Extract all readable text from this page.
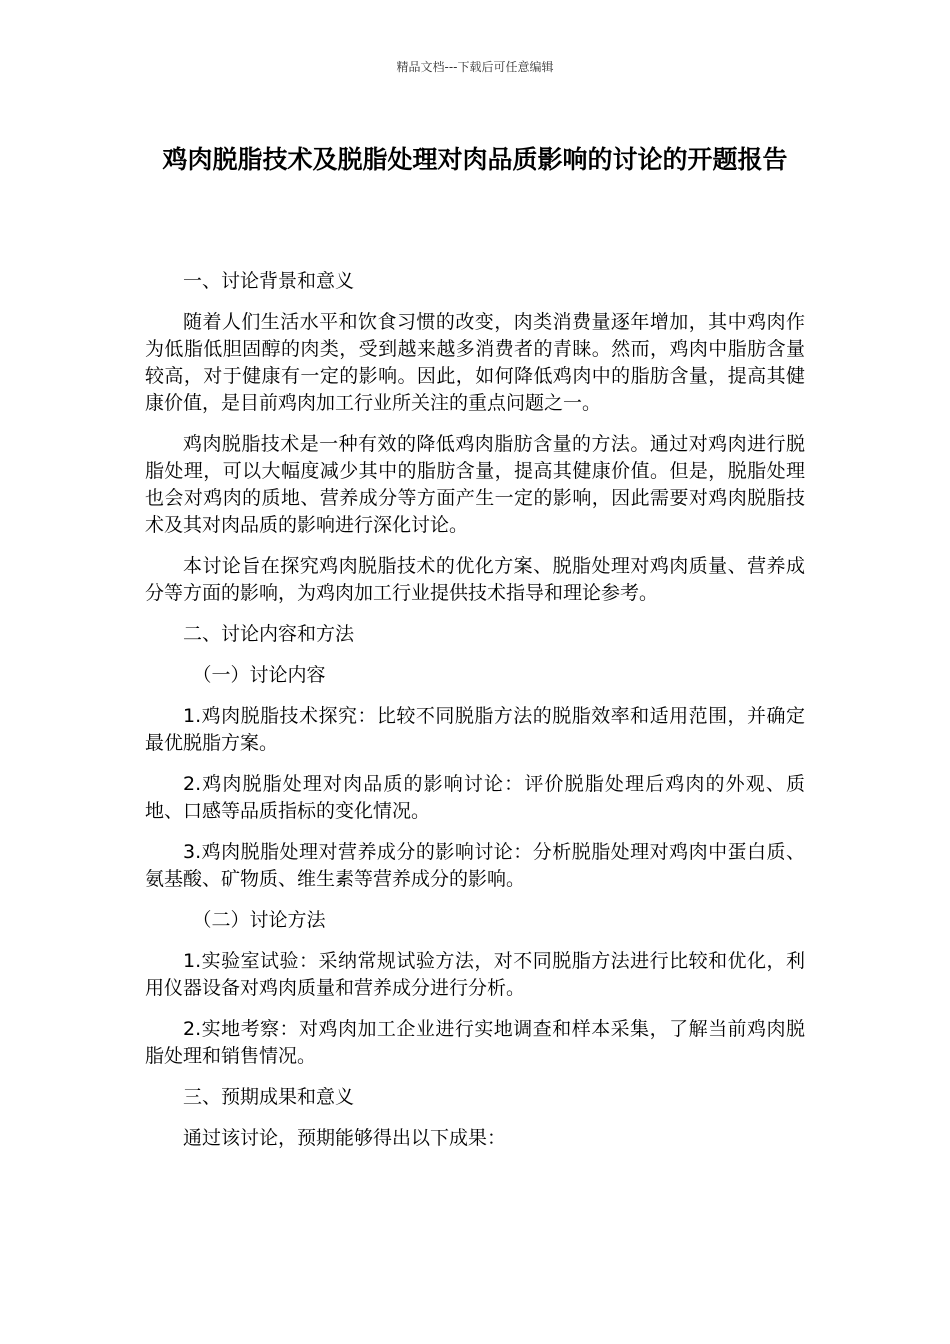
精品文档---下载后可任意编辑
鸡肉脱脂技术及脱脂处理对肉品质影响的讨论的开题报告

一、讨论背景和意义

随着人们生活水平和饮食习惯的改变，肉类消费量逐年增加，其中鸡肉作为低脂低胆固醇的肉类，受到越来越多消费者的青睐。然而，鸡肉中脂肪含量较高，对于健康有一定的影响。因此，如何降低鸡肉中的脂肪含量，提高其健康价值，是目前鸡肉加工行业所关注的重点问题之一。

鸡肉脱脂技术是一种有效的降低鸡肉脂肪含量的方法。通过对鸡肉进行脱脂处理，可以大幅度减少其中的脂肪含量，提高其健康价值。但是，脱脂处理也会对鸡肉的质地、营养成分等方面产生一定的影响，因此需要对鸡肉脱脂技术及其对肉品质的影响进行深化讨论。

本讨论旨在探究鸡肉脱脂技术的优化方案、脱脂处理对鸡肉质量、营养成分等方面的影响，为鸡肉加工行业提供技术指导和理论参考。

二、讨论内容和方法

（一）讨论内容

1.鸡肉脱脂技术探究：比较不同脱脂方法的脱脂效率和适用范围，并确定最优脱脂方案。

2.鸡肉脱脂处理对肉品质的影响讨论：评价脱脂处理后鸡肉的外观、质地、口感等品质指标的变化情况。

3.鸡肉脱脂处理对营养成分的影响讨论：分析脱脂处理对鸡肉中蛋白质、氨基酸、矿物质、维生素等营养成分的影响。

（二）讨论方法

1.实验室试验：采纳常规试验方法，对不同脱脂方法进行比较和优化，利用仪器设备对鸡肉质量和营养成分进行分析。

2.实地考察：对鸡肉加工企业进行实地调查和样本采集，了解当前鸡肉脱脂处理和销售情况。

三、预期成果和意义

通过该讨论，预期能够得出以下成果：
